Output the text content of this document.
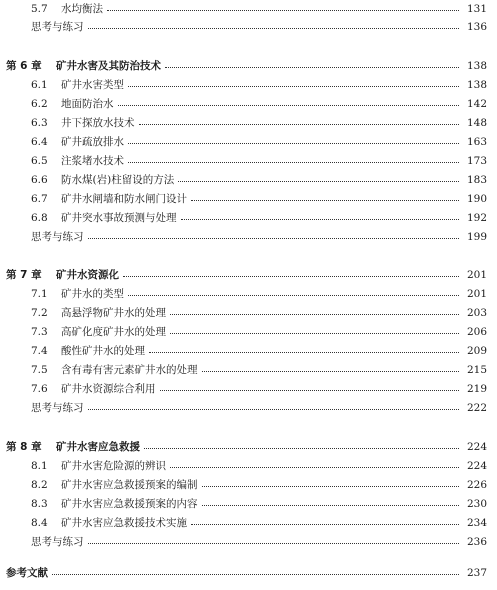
5.7	水均衡法	131
思考与练习	136
第 6 章	矿井水害及其防治技术	138
6.1	矿井水害类型	138
6.2	地面防治水	142
6.3	井下探放水技术	148
6.4	矿井疏放排水	163
6.5	注浆堵水技术	173
6.6	防水煤(岩)柱留设的方法	183
6.7	矿井水闸墙和防水闸门设计	190
6.8	矿井突水事故预测与处理	192
思考与练习	199
第 7 章	矿井水资源化	201
7.1	矿井水的类型	201
7.2	高悬浮物矿井水的处理	203
7.3	高矿化度矿井水的处理	206
7.4	酸性矿井水的处理	209
7.5	含有毒有害元素矿井水的处理	215
7.6	矿井水资源综合利用	219
思考与练习	222
第 8 章	矿井水害应急救援	224
8.1	矿井水害危险源的辨识	224
8.2	矿井水害应急救援预案的编制	226
8.3	矿井水害应急救援预案的内容	230
8.4	矿井水害应急救援技术实施	234
思考与练习	236
参考文献	237
